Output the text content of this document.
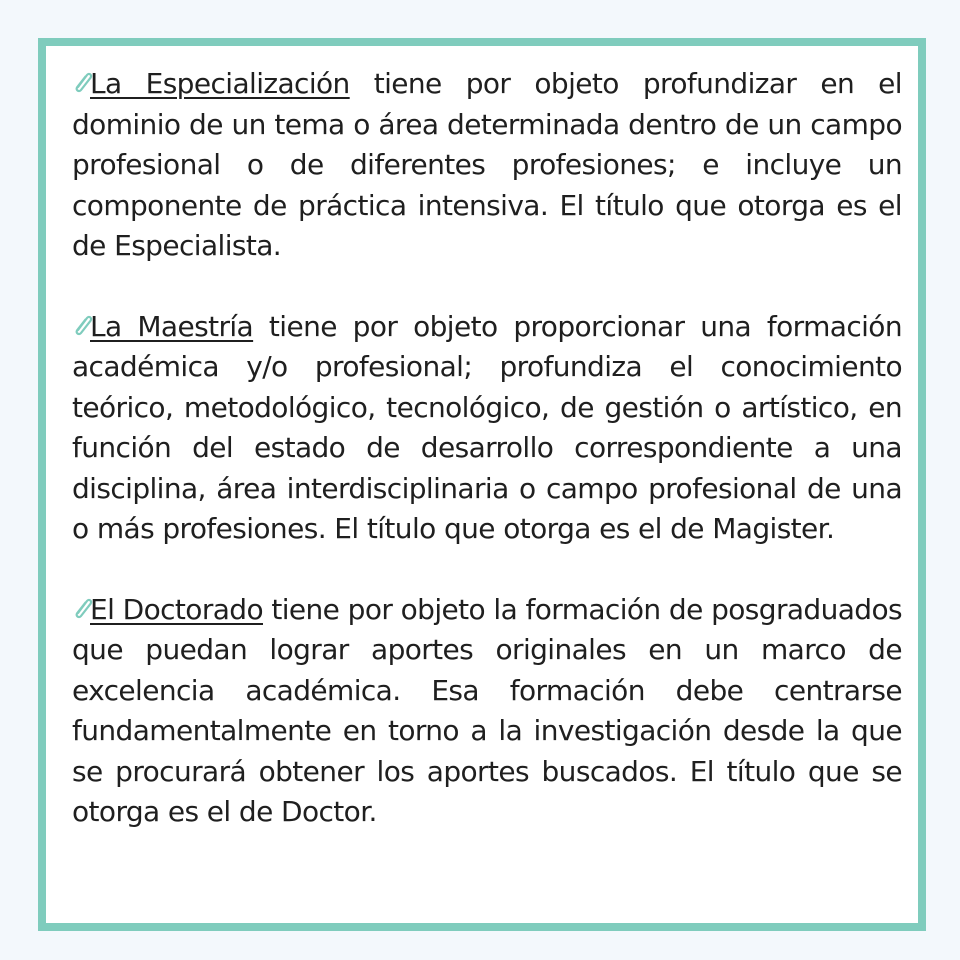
La Especialización tiene por objeto profundizar en el dominio de un tema o área determinada dentro de un campo profesional o de diferentes profesiones; e incluye un componente de práctica intensiva. El título que otorga es el de Especialista.

La Maestría tiene por objeto proporcionar una formación académica y/o profesional; profundiza el conocimiento teórico, metodológico, tecnológico, de gestión o artístico, en función del estado de desarrollo correspondiente a una disciplina, área interdisciplinaria o campo profesional de una o más profesiones. El título que otorga es el de Magister.

El Doctorado tiene por objeto la formación de posgraduados que puedan lograr aportes originales en un marco de excelencia académica. Esa formación debe centrarse fundamentalmente en torno a la investigación desde la que se procurará obtener los aportes buscados. El título que se otorga es el de Doctor.
